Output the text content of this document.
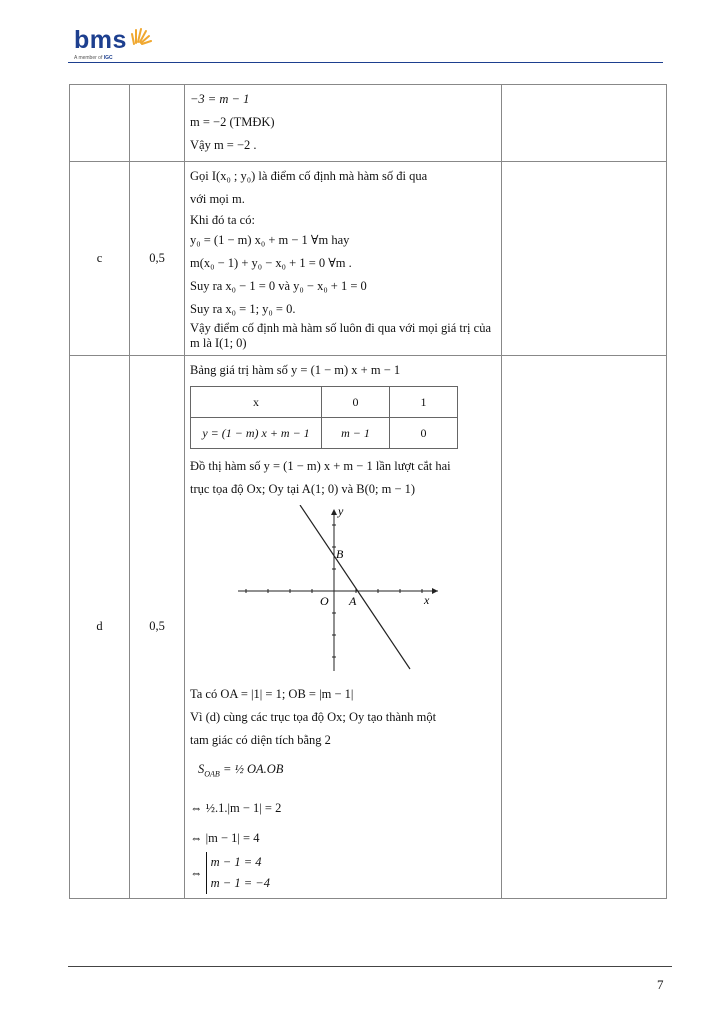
bms
A member of IGC

−3 = m − 1
m = −2 (TMĐK)
Vậy m = −2 .

c	0,5	
Gọi I(x₀ ; y₀) là điểm cố định mà hàm số đi qua
với mọi m.
Khi đó ta có:
y₀ = (1 − m) x₀ + m − 1 ∀m hay
m(x₀ − 1) + y₀ − x₀ + 1 = 0 ∀m .
Suy ra x₀ − 1 = 0 và y₀ − x₀ + 1 = 0
Suy ra x₀ = 1; y₀ = 0.
Vậy điểm cố định mà hàm số luôn đi qua với mọi giá trị của m là I(1; 0)

d	0,5	
Bảng giá trị hàm số y = (1 − m) x + m − 1
x	0	1
y = (1 − m) x + m − 1	m − 1	0
Đồ thị hàm số y = (1 − m) x + m − 1 lần lượt cắt hai
trục tọa độ Ox; Oy tại A(1; 0) và B(0; m − 1)
y
x
O A
B
Ta có OA = |1| = 1; OB = |m − 1|
Vì (d) cùng các trục tọa độ Ox; Oy tạo thành một
tam giác có diện tích bằng 2
$S_{OAB}$ = ½ OA.OB
⇔ ½.1.|m − 1| = 2
⇔ |m − 1| = 4
⇔ m − 1 = 4
m − 1 = −4

7
